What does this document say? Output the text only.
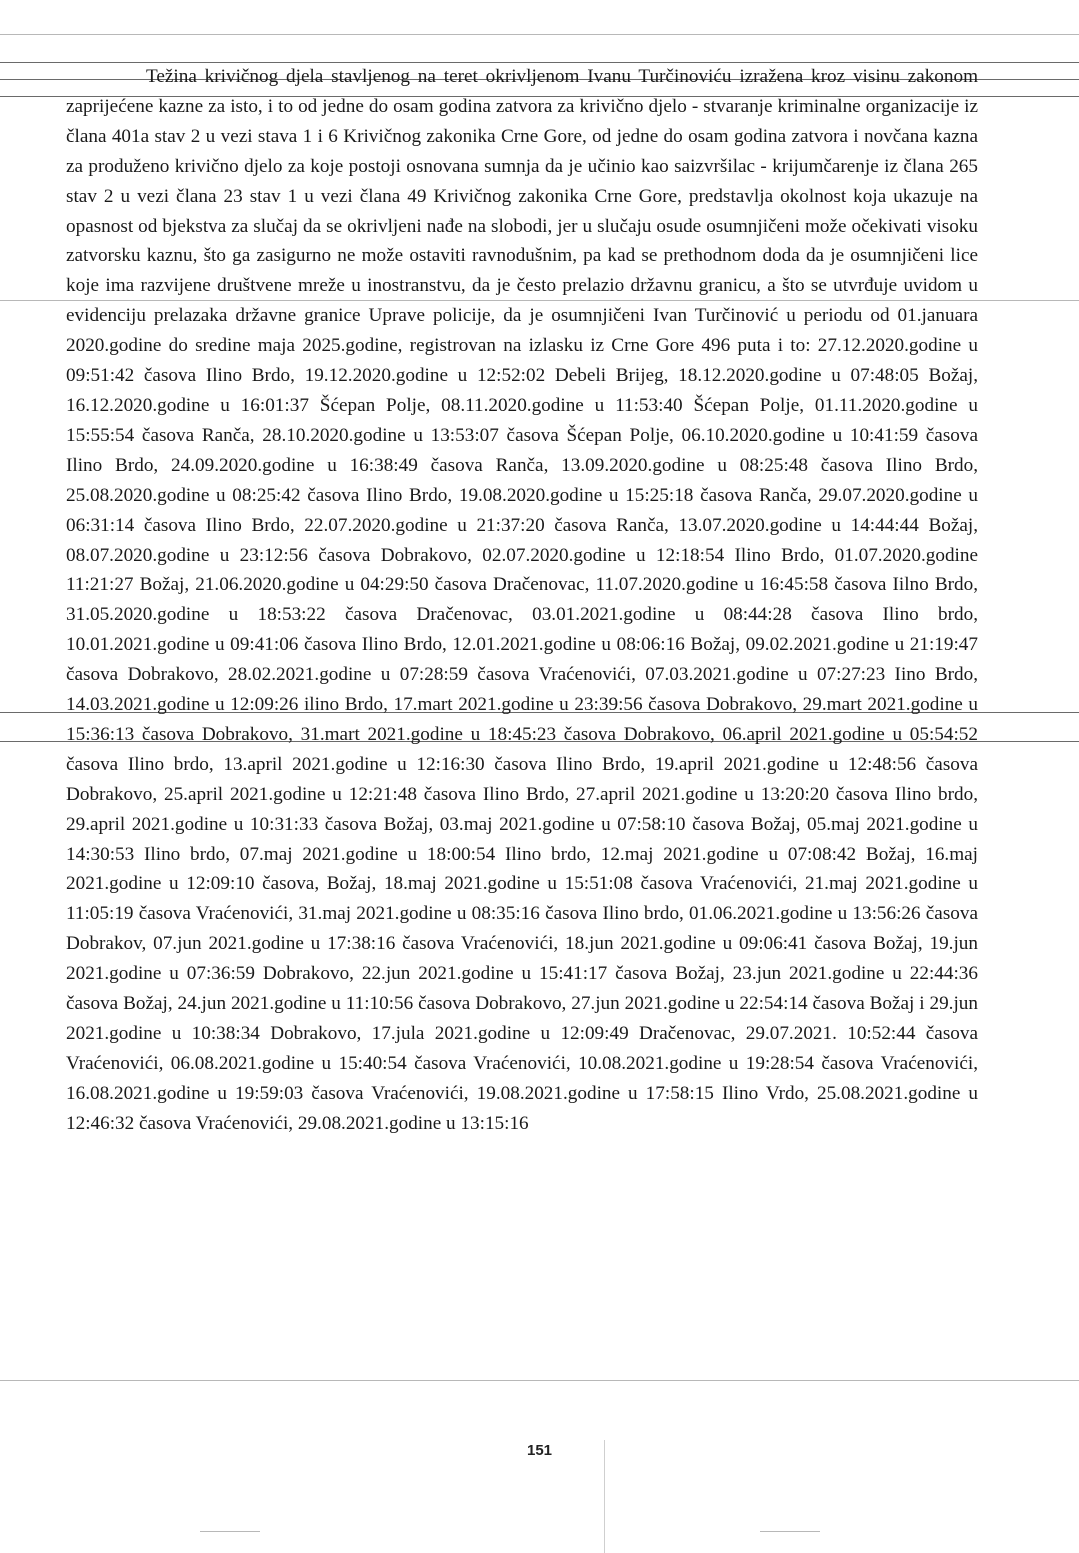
Težina krivičnog djela stavljenog na teret okrivljenom Ivanu Turčinoviću izražena kroz visinu zakonom zaprijećene kazne za isto, i to od jedne do osam godina zatvora za krivično djelo - stvaranje kriminalne organizacije iz člana 401a stav 2 u vezi stava 1 i 6 Krivičnog zakonika Crne Gore, od jedne do osam godina zatvora i novčana kazna za produženo krivično djelo za koje postoji osnovana sumnja da je učinio kao saizvršilac - krijumčarenje iz člana 265 stav 2 u vezi člana 23 stav 1 u vezi člana 49 Krivičnog zakonika Crne Gore, predstavlja okolnost koja ukazuje na opasnost od bjekstva za slučaj da se okrivljeni nađe na slobodi, jer u slučaju osude osumnjičeni može očekivati visoku zatvorsku kaznu, što ga zasigurno ne može ostaviti ravnodušnim, pa kad se prethodnom doda da je osumnjičeni lice koje ima razvijene društvene mreže u inostranstvu, da je često prelazio državnu granicu, a što se utvrđuje uvidom u evidenciju prelazaka državne granice Uprave policije, da je osumnjičeni Ivan Turčinović u periodu od 01.januara 2020.godine do sredine maja 2025.godine, registrovan na izlasku iz Crne Gore 496 puta i to: 27.12.2020.godine u 09:51:42 časova Ilino Brdo, 19.12.2020.godine u 12:52:02 Debeli Brijeg, 18.12.2020.godine u 07:48:05 Božaj, 16.12.2020.godine u 16:01:37 Šćepan Polje, 08.11.2020.godine u 11:53:40 Šćepan Polje, 01.11.2020.godine u 15:55:54 časova Ranča, 28.10.2020.godine u 13:53:07 časova Šćepan Polje, 06.10.2020.godine u 10:41:59 časova Ilino Brdo, 24.09.2020.godine u 16:38:49 časova Ranča, 13.09.2020.godine u 08:25:48 časova Ilino Brdo, 25.08.2020.godine u 08:25:42 časova Ilino Brdo, 19.08.2020.godine u 15:25:18 časova Ranča, 29.07.2020.godine u 06:31:14 časova Ilino Brdo, 22.07.2020.godine u 21:37:20 časova Ranča, 13.07.2020.godine u 14:44:44 Božaj, 08.07.2020.godine u 23:12:56 časova Dobrakovo, 02.07.2020.godine u 12:18:54 Ilino Brdo, 01.07.2020.godine 11:21:27 Božaj, 21.06.2020.godine u 04:29:50 časova Dračenovac, 11.07.2020.godine u 16:45:58 časova Iilno Brdo, 31.05.2020.godine u 18:53:22 časova Dračenovac, 03.01.2021.godine u 08:44:28 časova Ilino brdo, 10.01.2021.godine u 09:41:06 časova Ilino Brdo, 12.01.2021.godine u 08:06:16 Božaj, 09.02.2021.godine u 21:19:47 časova Dobrakovo, 28.02.2021.godine u 07:28:59 časova Vraćenovići, 07.03.2021.godine u 07:27:23 Iino Brdo, 14.03.2021.godine u 12:09:26 ilino Brdo, 17.mart 2021.godine u 23:39:56 časova Dobrakovo, 29.mart 2021.godine u 15:36:13 časova Dobrakovo, 31.mart 2021.godine u 18:45:23 časova Dobrakovo, 06.april 2021.godine u 05:54:52 časova Ilino brdo, 13.april 2021.godine u 12:16:30 časova Ilino Brdo, 19.april 2021.godine u 12:48:56 časova Dobrakovo, 25.april 2021.godine u 12:21:48 časova Ilino Brdo, 27.april 2021.godine u 13:20:20 časova Ilino brdo, 29.april 2021.godine u 10:31:33 časova Božaj, 03.maj 2021.godine u 07:58:10 časova Božaj, 05.maj 2021.godine u 14:30:53 Ilino brdo, 07.maj 2021.godine u 18:00:54 Ilino brdo, 12.maj 2021.godine u 07:08:42 Božaj, 16.maj 2021.godine u 12:09:10 časova, Božaj, 18.maj 2021.godine u 15:51:08 časova Vraćenovići, 21.maj 2021.godine u 11:05:19 časova Vraćenovići, 31.maj 2021.godine u 08:35:16 časova Ilino brdo, 01.06.2021.godine u 13:56:26 časova Dobrakov, 07.jun 2021.godine u 17:38:16 časova Vraćenovići, 18.jun 2021.godine u 09:06:41 časova Božaj, 19.jun 2021.godine u 07:36:59 Dobrakovo, 22.jun 2021.godine u 15:41:17 časova Božaj, 23.jun 2021.godine u 22:44:36 časova Božaj, 24.jun 2021.godine u 11:10:56 časova Dobrakovo, 27.jun 2021.godine u 22:54:14 časova Božaj i 29.jun 2021.godine u 10:38:34 Dobrakovo, 17.jula 2021.godine u 12:09:49 Dračenovac, 29.07.2021. 10:52:44 časova Vraćenovići, 06.08.2021.godine u 15:40:54 časova Vraćenovići, 10.08.2021.godine u 19:28:54 časova Vraćenovići, 16.08.2021.godine u 19:59:03 časova Vraćenovići, 19.08.2021.godine u 17:58:15 Ilino Vrdo, 25.08.2021.godine u 12:46:32 časova Vraćenovići, 29.08.2021.godine u 13:15:16

151
